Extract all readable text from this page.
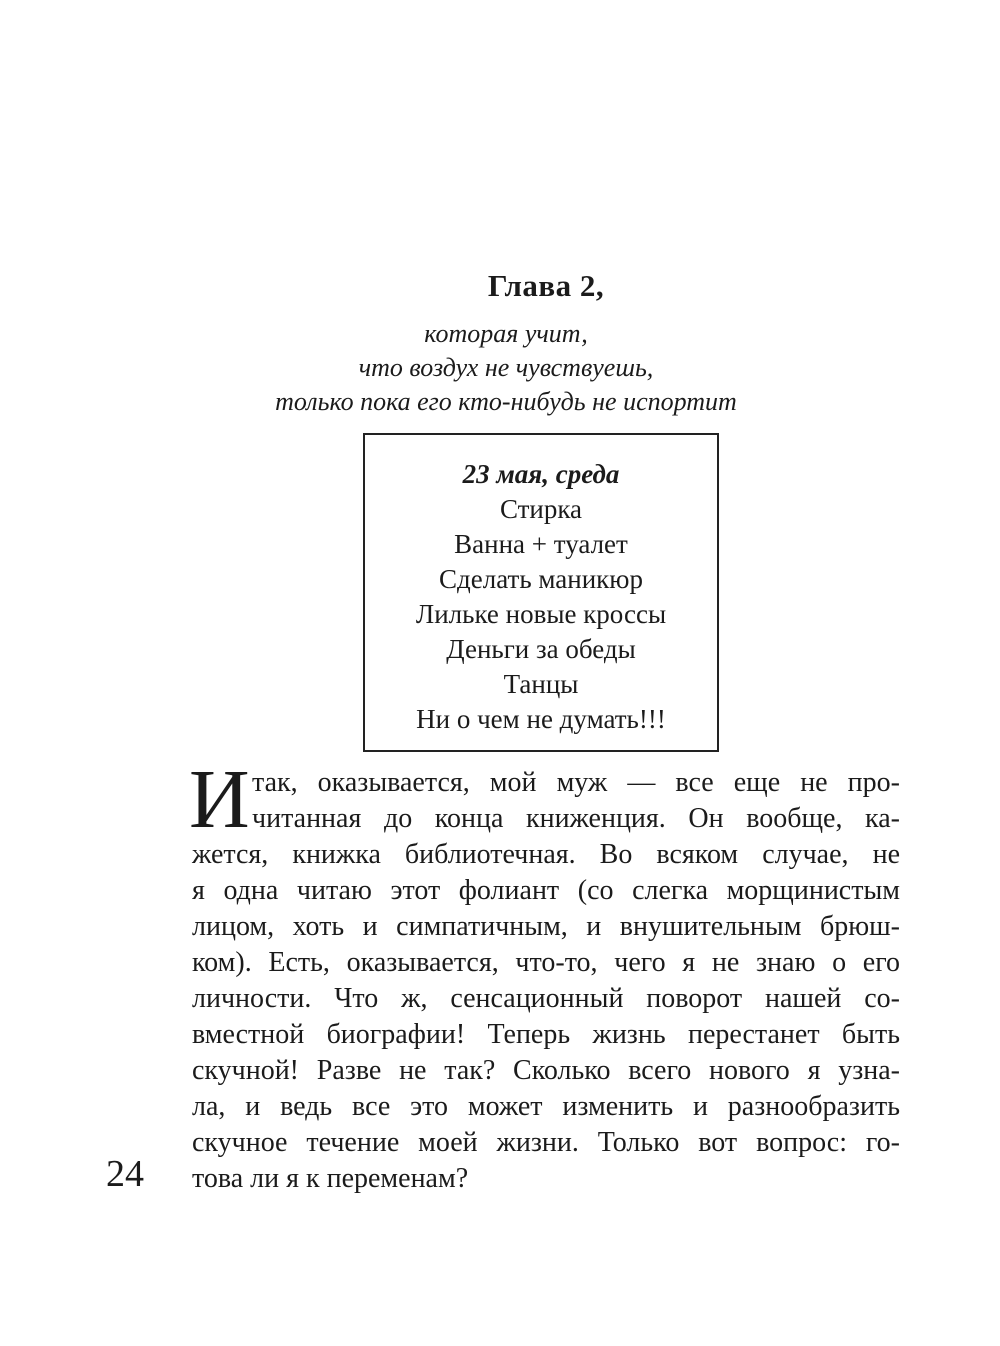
Глава 2,
которая учит,
что воздух не чувствуешь,
только пока его кто-нибудь не испортит
23 мая, среда
Стирка
Ванна + туалет
Сделать маникюр
Лильке новые кроссы
Деньги за обеды
Танцы
Ни о чем не думать!!!
И так, оказывается, мой муж — все еще не про-
читанная до конца книженция. Он вообще, ка-
жется, книжка библиотечная. Во всяком случае, не
я одна читаю этот фолиант (со слегка морщинистым
лицом, хоть и симпатичным, и внушительным брюш-
ком). Есть, оказывается, что-то, чего я не знаю о его
личности. Что ж, сенсационный поворот нашей со-
вместной биографии! Теперь жизнь перестанет быть
скучной! Разве не так? Сколько всего нового я узна-
ла, и ведь все это может изменить и разнообразить
скучное течение моей жизни. Только вот вопрос: го-
това ли я к переменам?
24
